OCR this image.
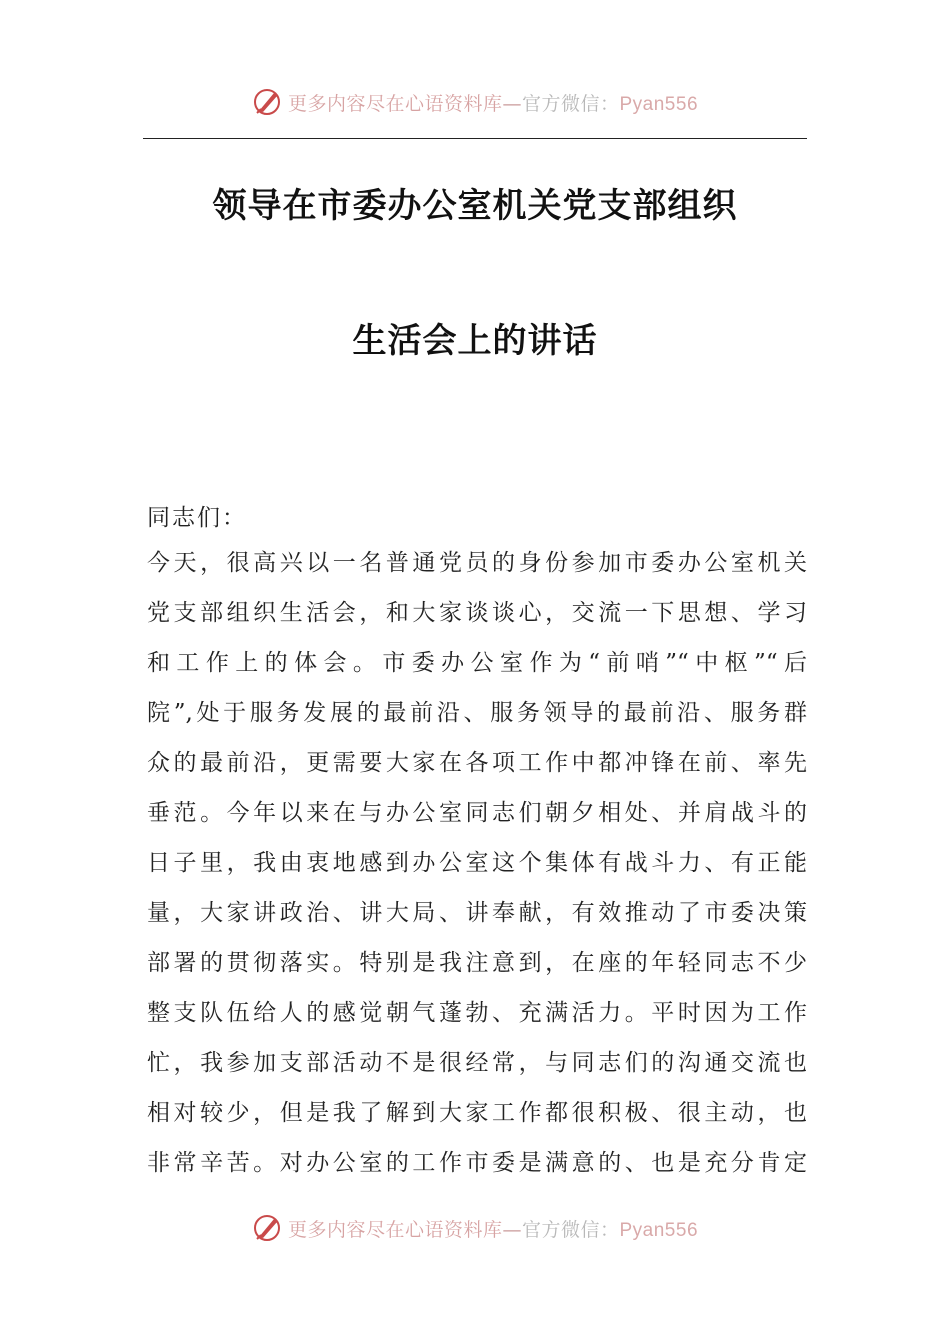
更多内容尽在心语资料库—官方微信：Pyan556
领导在市委办公室机关党支部组织
生活会上的讲话
同志们：
今天，很高兴以一名普通党员的身份参加市委办公室机关
党支部组织生活会，和大家谈谈心，交流一下思想、学习
和工作上的体会。市委办公室作为“前哨”“中枢”“后
院”,处于服务发展的最前沿、服务领导的最前沿、服务群
众的最前沿，更需要大家在各项工作中都冲锋在前、率先
垂范。今年以来在与办公室同志们朝夕相处、并肩战斗的
日子里，我由衷地感到办公室这个集体有战斗力、有正能
量，大家讲政治、讲大局、讲奉献，有效推动了市委决策
部署的贯彻落实。特别是我注意到，在座的年轻同志不少
整支队伍给人的感觉朝气蓬勃、充满活力。平时因为工作
忙，我参加支部活动不是很经常，与同志们的沟通交流也
相对较少，但是我了解到大家工作都很积极、很主动，也
非常辛苦。对办公室的工作市委是满意的、也是充分肯定
更多内容尽在心语资料库—官方微信：Pyan556
